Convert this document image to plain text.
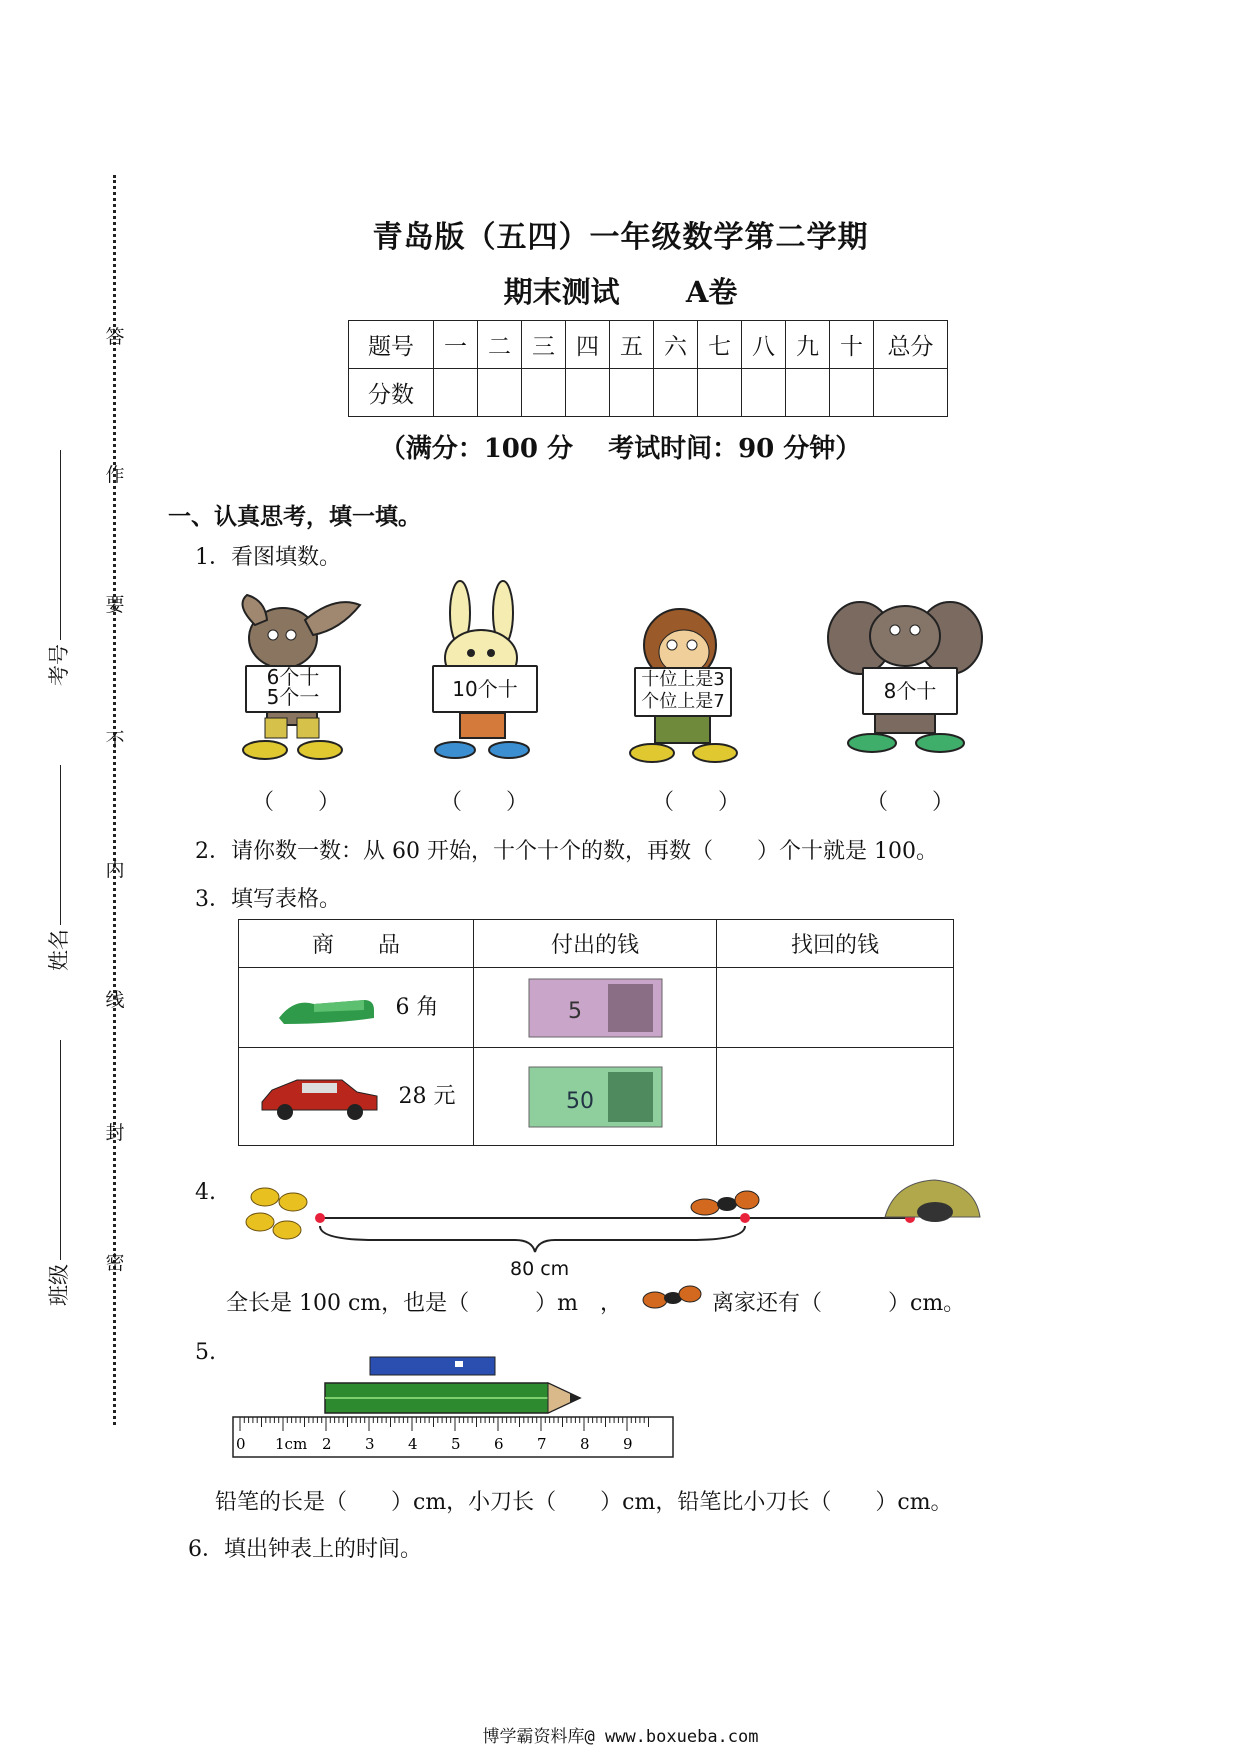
答
作
要
不
内
线
封
密
考号
姓名
班级
青岛版（五四）一年级数学第二学期
期末测试 A卷
题号	一	二	三	四	五	六	七	八	九	十	总分
分数											
（满分：100 分　 考试时间：90 分钟）
一、认真思考，填一填。
1．看图填数。
6个十
5个一	10个十	十位上是3
个位上是7	8个十
（　　）	（　　）	（　　）	（　　）
2．请你数一数：从 60 开始，十个十个的数，再数（　　）个十就是 100。
3．填写表格。
商　　品	付出的钱	找回的钱
6 角	5	

28 元	50	

4.
80 cm
全长是 100 cm，也是（　　　）m　，	离家还有（　　　）cm。
5.
0 1cm 2 3 4 5 6 7 8 9
铅笔的长是（　　）cm，小刀长（　　）cm，铅笔比小刀长（　　）cm。
6．填出钟表上的时间。
博学霸资料库@ www.boxueba.com
